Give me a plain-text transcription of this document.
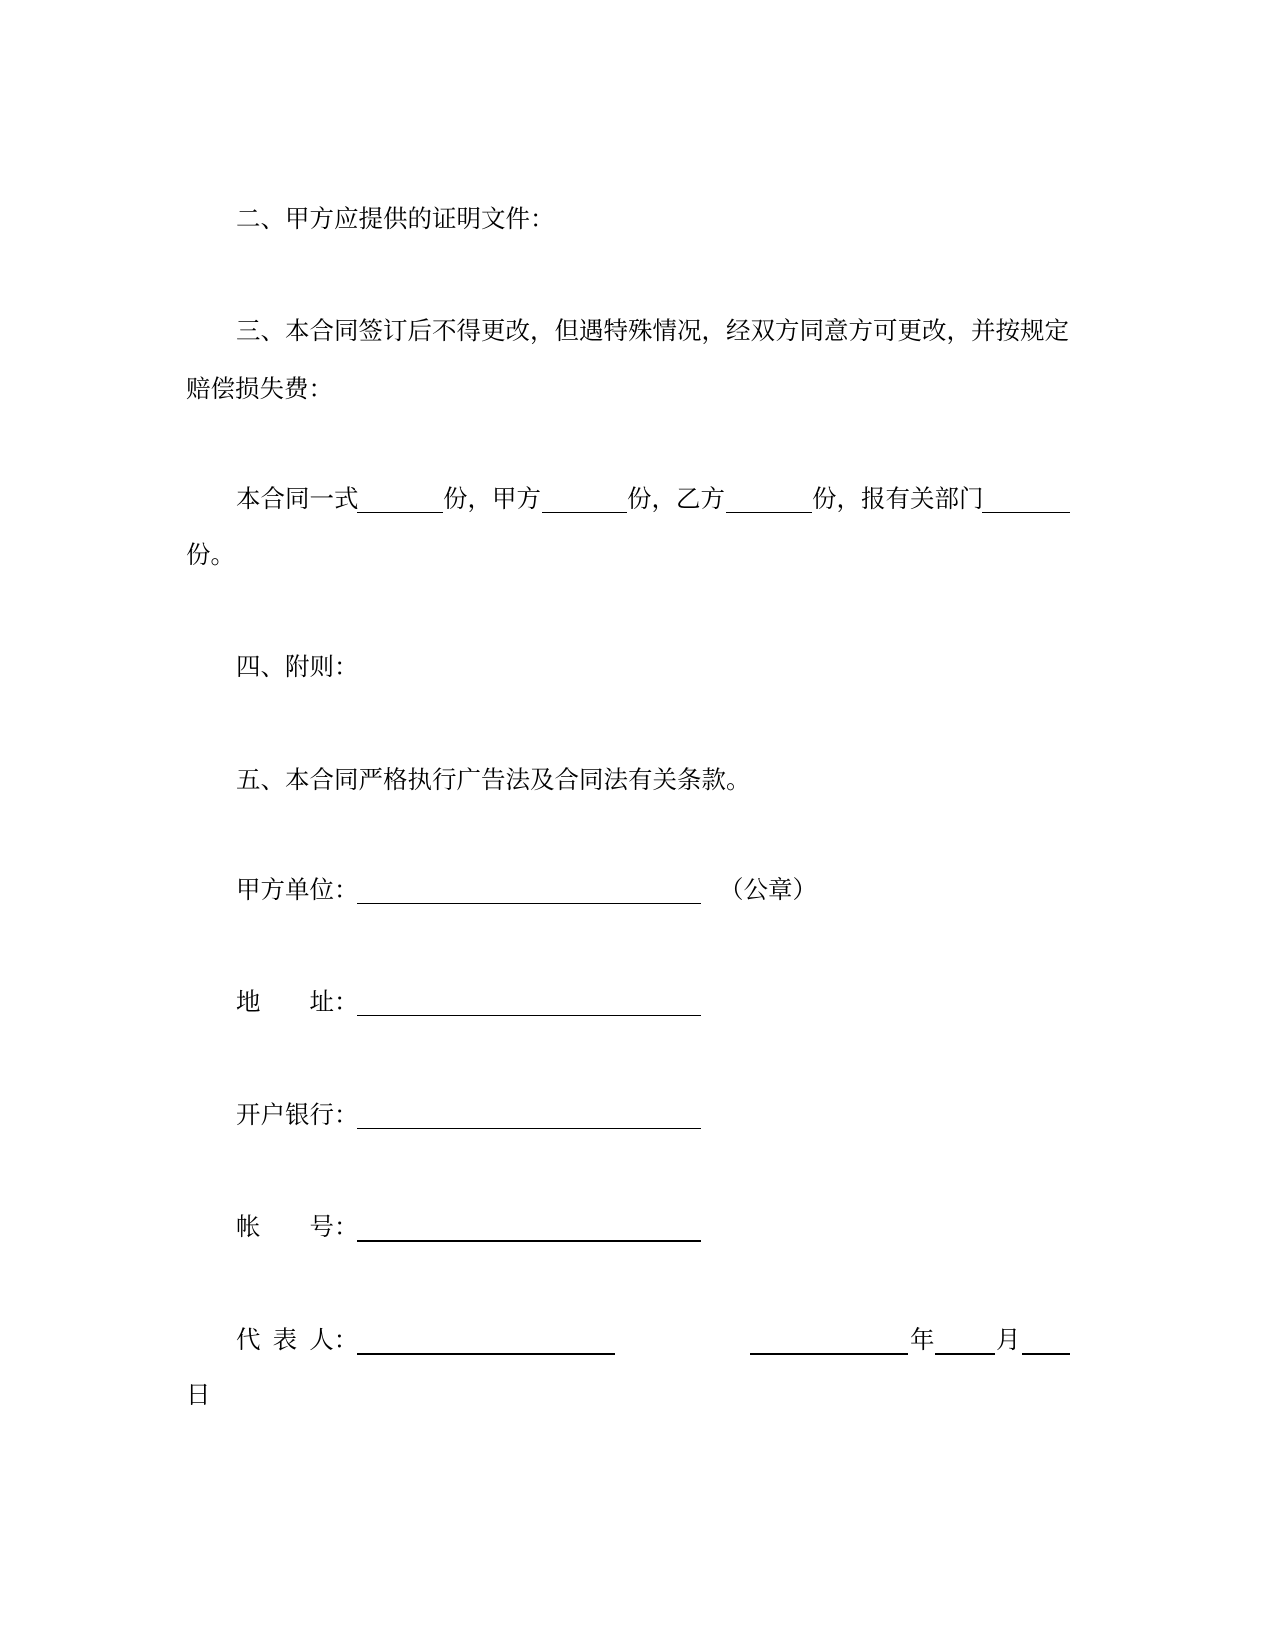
二、甲方应提供的证明文件：
三、本合同签订后不得更改，但遇特殊情况，经双方同意方可更改，并按规定
赔偿损失费：
本合同一式	份，甲方	份，乙方	份，报有关部门
份。
四、附则：
五、本合同严格执行广告法及合同法有关条款。
甲方单位：	（公章）
地　　址：
开户银行：
帐　　号：
代 表 人：	年	月
日
